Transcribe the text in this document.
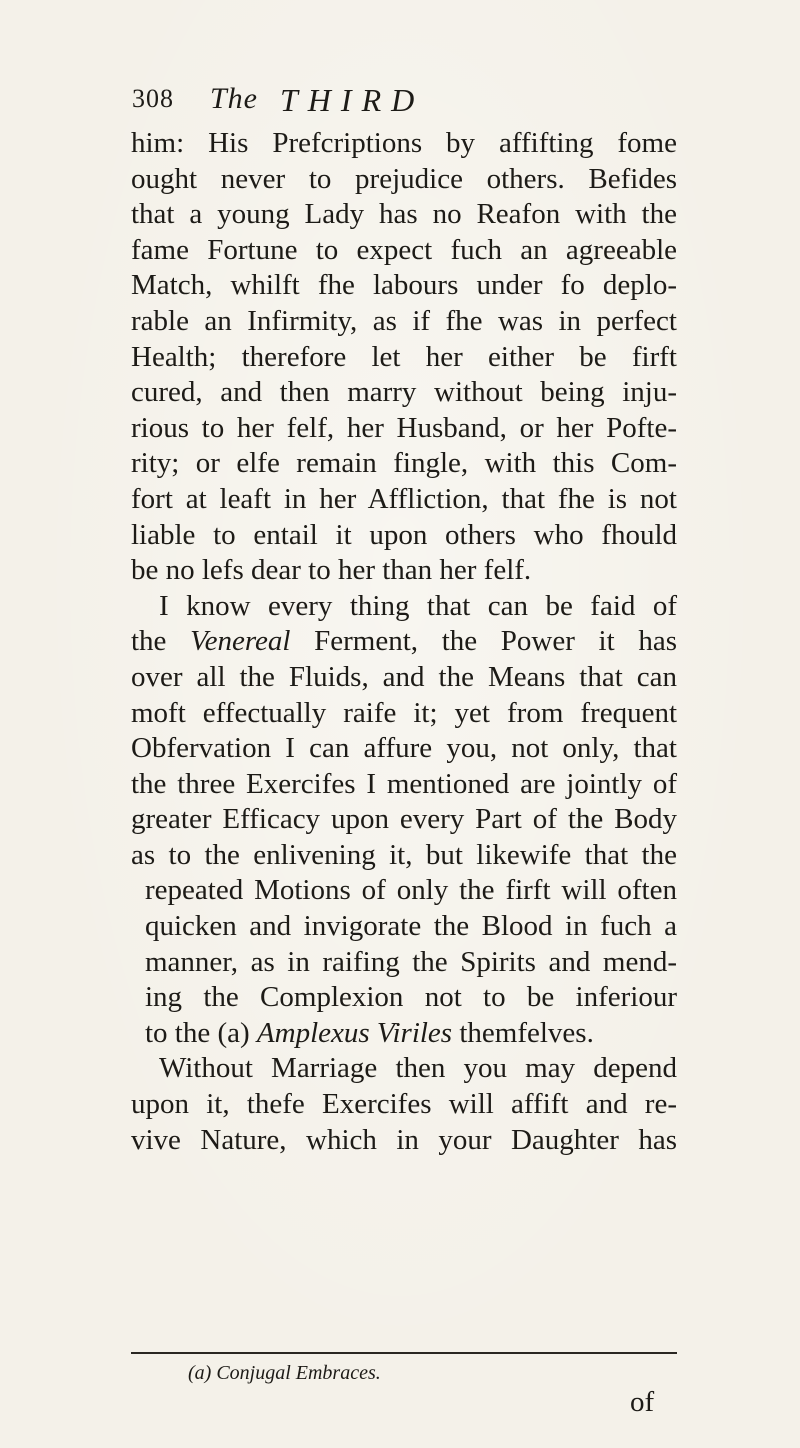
308 The THIRD
him: His Prefcriptions by affifting fome
ought never to prejudice others. Befides
that a young Lady has no Reafon with the
fame Fortune to expect fuch an agreeable
Match, whilft fhe labours under fo deplo-
rable an Infirmity, as if fhe was in perfect
Health; therefore let her either be firft
cured, and then marry without being inju-
rious to her felf, her Husband, or her Pofte-
rity; or elfe remain fingle, with this Com-
fort at leaft in her Affliction, that fhe is not
liable to entail it upon others who fhould
be no lefs dear to her than her felf.
I know every thing that can be faid of
the Venereal Ferment, the Power it has
over all the Fluids, and the Means that can
moft effectually raife it; yet from frequent
Obfervation I can affure you, not only, that
the three Exercifes I mentioned are jointly of
greater Efficacy upon every Part of the Body
as to the enlivening it, but likewife that the
repeated Motions of only the firft will often
quicken and invigorate the Blood in fuch a
manner, as in raifing the Spirits and mend-
ing the Complexion not to be inferiour
to the (a) Amplexus Viriles themfelves.
Without Marriage then you may depend
upon it, thefe Exercifes will affift and re-
vive Nature, which in your Daughter has
(a) Conjugal Embraces.
of
